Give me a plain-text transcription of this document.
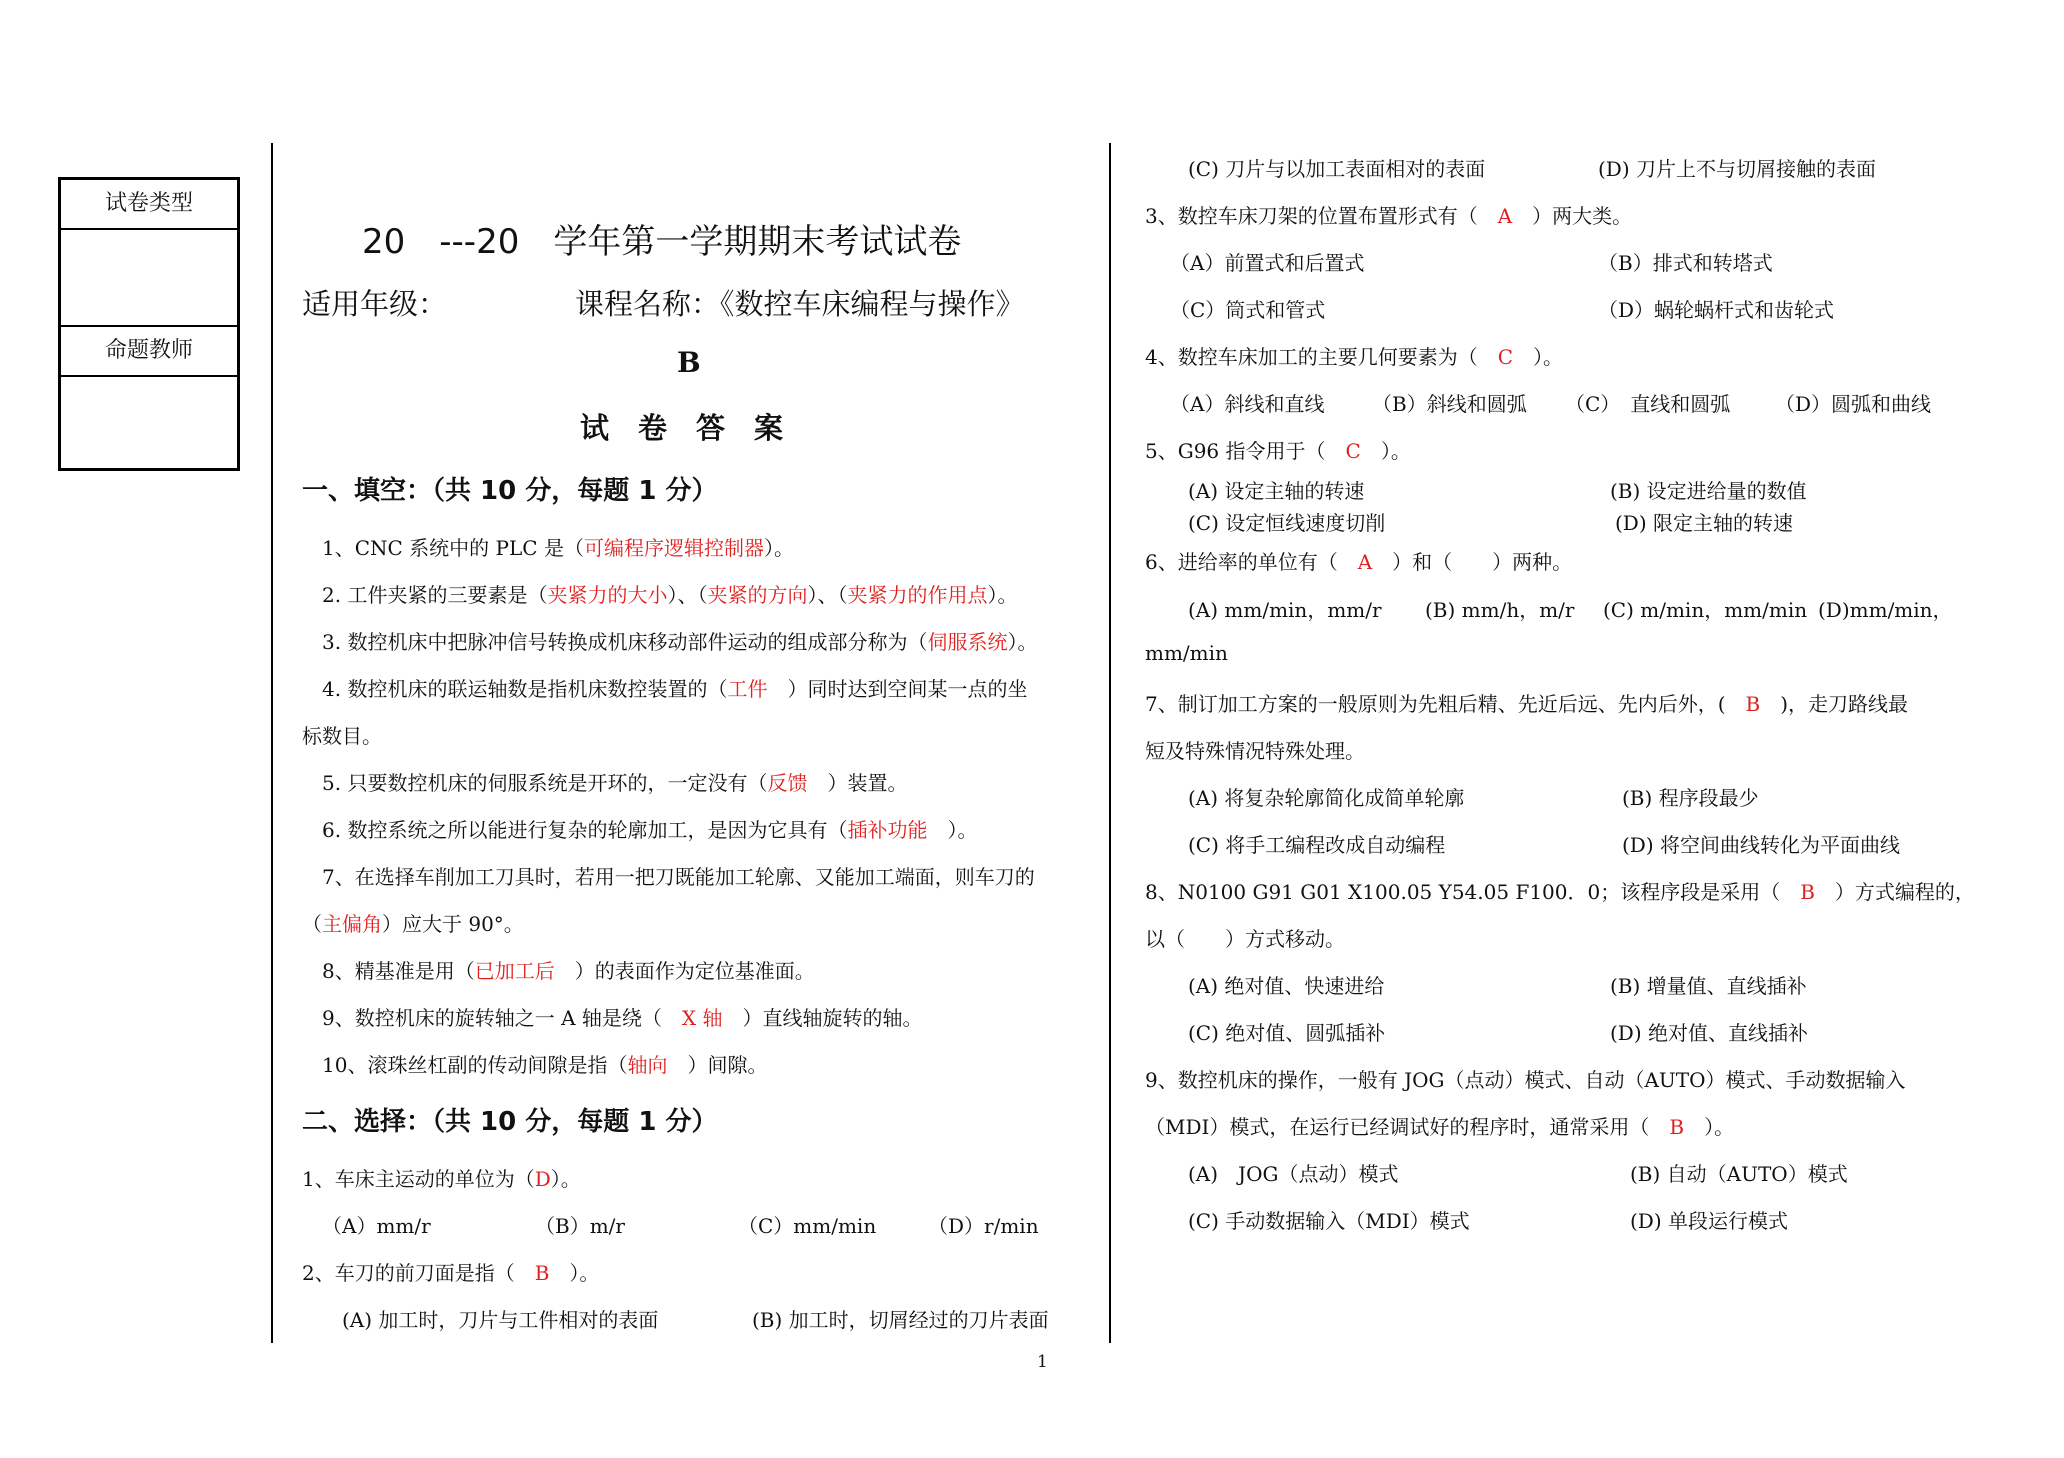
试卷类型
命题教师
20　---20　学年第一学期期末考试试卷
适用年级：	课程名称：《数控车床编程与操作》
B
试　卷　答　案
一、填空：（共 10 分，每题 1 分）
1、CNC 系统中的 PLC 是（可编程序逻辑控制器）。
2. 工件夹紧的三要素是（夹紧力的大小）、（夹紧的方向）、（夹紧力的作用点）。
3. 数控机床中把脉冲信号转换成机床移动部件运动的组成部分称为（伺服系统）。
4. 数控机床的联运轴数是指机床数控装置的（工件　）同时达到空间某一点的坐
标数目。
5. 只要数控机床的伺服系统是开环的，一定没有（反馈　）装置。
6. 数控系统之所以能进行复杂的轮廓加工，是因为它具有（插补功能　）。
7、在选择车削加工刀具时，若用一把刀既能加工轮廓、又能加工端面，则车刀的
（主偏角）应大于 90°。
8、精基准是用（已加工后　）的表面作为定位基准面。
9、数控机床的旋转轴之一 A 轴是绕（　X 轴　）直线轴旋转的轴。
10、滚珠丝杠副的传动间隙是指（轴向　）间隙。
二、选择：（共 10 分，每题 1 分）
1、车床主运动的单位为（D）。
（A）mm/r	（B）m/r	（C）mm/min	（D）r/min
2、车刀的前刀面是指（　B　）。
(A) 加工时，刀片与工件相对的表面	(B) 加工时，切屑经过的刀片表面
(C) 刀片与以加工表面相对的表面	(D) 刀片上不与切屑接触的表面
3、数控车床刀架的位置布置形式有（　A　）两大类。
（A）前置式和后置式	（B）排式和转塔式
（C）筒式和管式	（D）蜗轮蜗杆式和齿轮式
4、数控车床加工的主要几何要素为（　C　）。
（A）斜线和直线 （B）斜线和圆弧 （C）　直线和圆弧 （D）圆弧和曲线
5、G96 指令用于（　C　）。
(A) 设定主轴的转速	(B) 设定进给量的数值
(C) 设定恒线速度切削	(D) 限定主轴的转速
6、进给率的单位有（　A　）和（　　）两种。
(A) mm/min，mm/r (B) mm/h，m/r (C) m/min，mm/min (D)mm/min，
mm/min
7、制订加工方案的一般原则为先粗后精、先近后远、先内后外，(　B　)，走刀路线最
短及特殊情况特殊处理。
(A) 将复杂轮廓简化成简单轮廓	(B) 程序段最少
(C) 将手工编程改成自动编程	(D) 将空间曲线转化为平面曲线
8、N0100 G91 G01 X100.05 Y54.05 F100．0；该程序段是采用（　B　）方式编程的，
以（　　）方式移动。
(A) 绝对值、快速进给	(B) 增量值、直线插补
(C) 绝对值、圆弧插补	(D) 绝对值、直线插补
9、数控机床的操作，一般有 JOG（点动）模式、自动（AUTO）模式、手动数据输入
（MDI）模式，在运行已经调试好的程序时，通常采用（　B　）。
(A)　JOG（点动）模式	(B) 自动（AUTO）模式
(C) 手动数据输入（MDI）模式	(D) 单段运行模式
1
